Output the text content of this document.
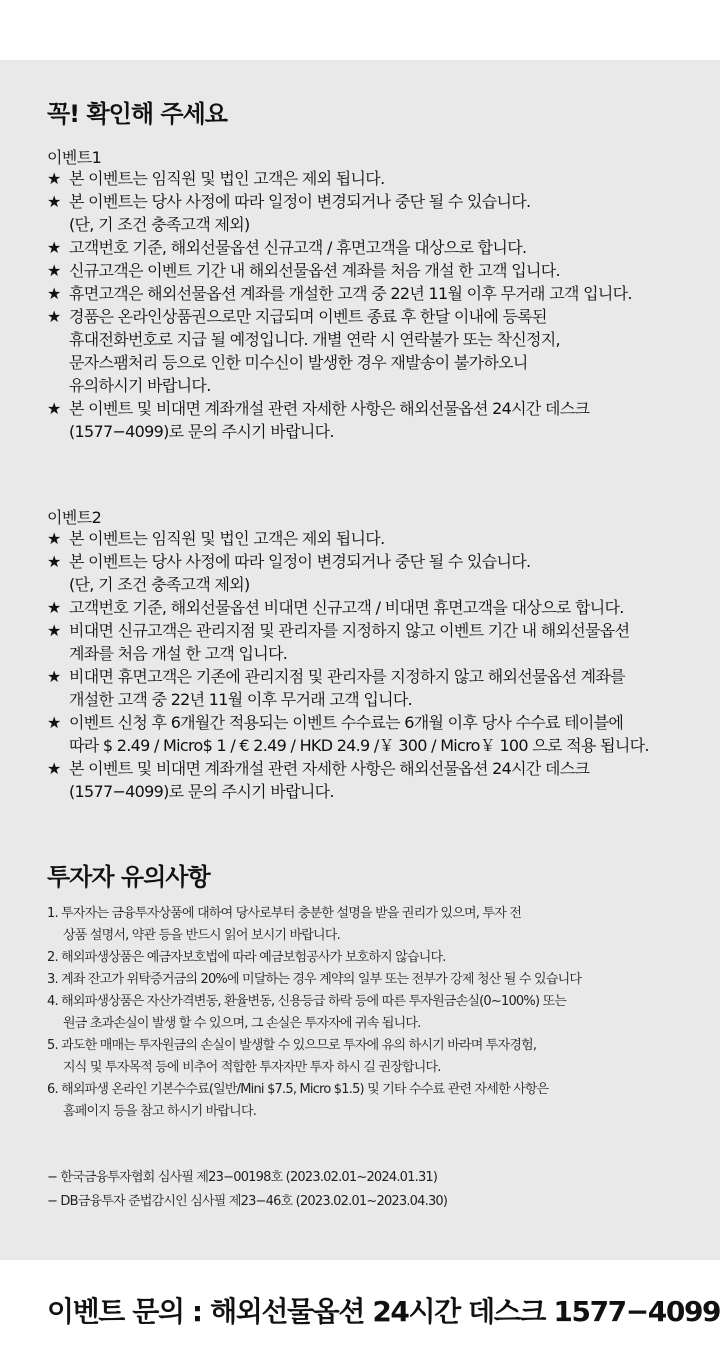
꼭! 확인해 주세요
이벤트1
★ 본 이벤트는 임직원 및 법인 고객은 제외 됩니다.
★ 본 이벤트는 당사 사정에 따라 일정이 변경되거나 중단 될 수 있습니다.
(단, 기 조건 충족고객 제외)
★ 고객번호 기준, 해외선물옵션 신규고객 / 휴면고객을 대상으로 합니다.
★ 신규고객은 이벤트 기간 내 해외선물옵션 계좌를 처음 개설 한 고객 입니다.
★ 휴면고객은 해외선물옵션 계좌를 개설한 고객 중 22년 11월 이후 무거래 고객 입니다.
★ 경품은 온라인상품권으로만 지급되며 이벤트 종료 후 한달 이내에 등록된
휴대전화번호로 지급 될 예정입니다. 개별 연락 시 연락불가 또는 착신정지,
문자스팸처리 등으로 인한 미수신이 발생한 경우 재발송이 불가하오니
유의하시기 바랍니다.
★ 본 이벤트 및 비대면 계좌개설 관련 자세한 사항은 해외선물옵션 24시간 데스크
(1577−4099)로 문의 주시기 바랍니다.
이벤트2
★ 본 이벤트는 임직원 및 법인 고객은 제외 됩니다.
★ 본 이벤트는 당사 사정에 따라 일정이 변경되거나 중단 될 수 있습니다.
(단, 기 조건 충족고객 제외)
★ 고객번호 기준, 해외선물옵션 비대면 신규고객 / 비대면 휴면고객을 대상으로 합니다.
★ 비대면 신규고객은 관리지점 및 관리자를 지정하지 않고 이벤트 기간 내 해외선물옵션
계좌를 처음 개설 한 고객 입니다.
★ 비대면 휴면고객은 기존에 관리지점 및 관리자를 지정하지 않고 해외선물옵션 계좌를
개설한 고객 중 22년 11월 이후 무거래 고객 입니다.
★ 이벤트 신청 후 6개월간 적용되는 이벤트 수수료는 6개월 이후 당사 수수료 테이블에
따라 $ 2.49 / Micro$ 1 / € 2.49 / HKD 24.9 /￥ 300 / Micro￥ 100 으로 적용 됩니다.
★ 본 이벤트 및 비대면 계좌개설 관련 자세한 사항은 해외선물옵션 24시간 데스크
(1577−4099)로 문의 주시기 바랍니다.
투자자 유의사항
1. 투자자는 금융투자상품에 대하여 당사로부터 충분한 설명을 받을 권리가 있으며, 투자 전
상품 설명서, 약관 등을 반드시 읽어 보시기 바랍니다.
2. 해외파생상품은 예금자보호법에 따라 예금보험공사가 보호하지 않습니다.
3. 계좌 잔고가 위탁증거금의 20%에 미달하는 경우 계약의 일부 또는 전부가 강제 청산 될 수 있습니다
4. 해외파생상품은 자산가격변동, 환율변동, 신용등급 하락 등에 따른 투자원금손실(0~100%) 또는
원금 초과손실이 발생 할 수 있으며, 그 손실은 투자자에 귀속 됩니다.
5. 과도한 매매는 투자원금의 손실이 발생할 수 있으므로 투자에 유의 하시기 바라며 투자경험,
지식 및 투자목적 등에 비추어 적합한 투자자만 투자 하시 길 권장합니다.
6. 해외파생 온라인 기본수수료(일반/Mini $7.5, Micro $1.5) 및 기타 수수료 관련 자세한 사항은
홈페이지 등을 참고 하시기 바랍니다.
− 한국금융투자협회 심사필 제23−00198호 (2023.02.01~2024.01.31)
− DB금융투자 준법감시인 심사필 제23−46호 (2023.02.01~2023.04.30)
이벤트 문의 : 해외선물옵션 24시간 데스크 1577−4099
